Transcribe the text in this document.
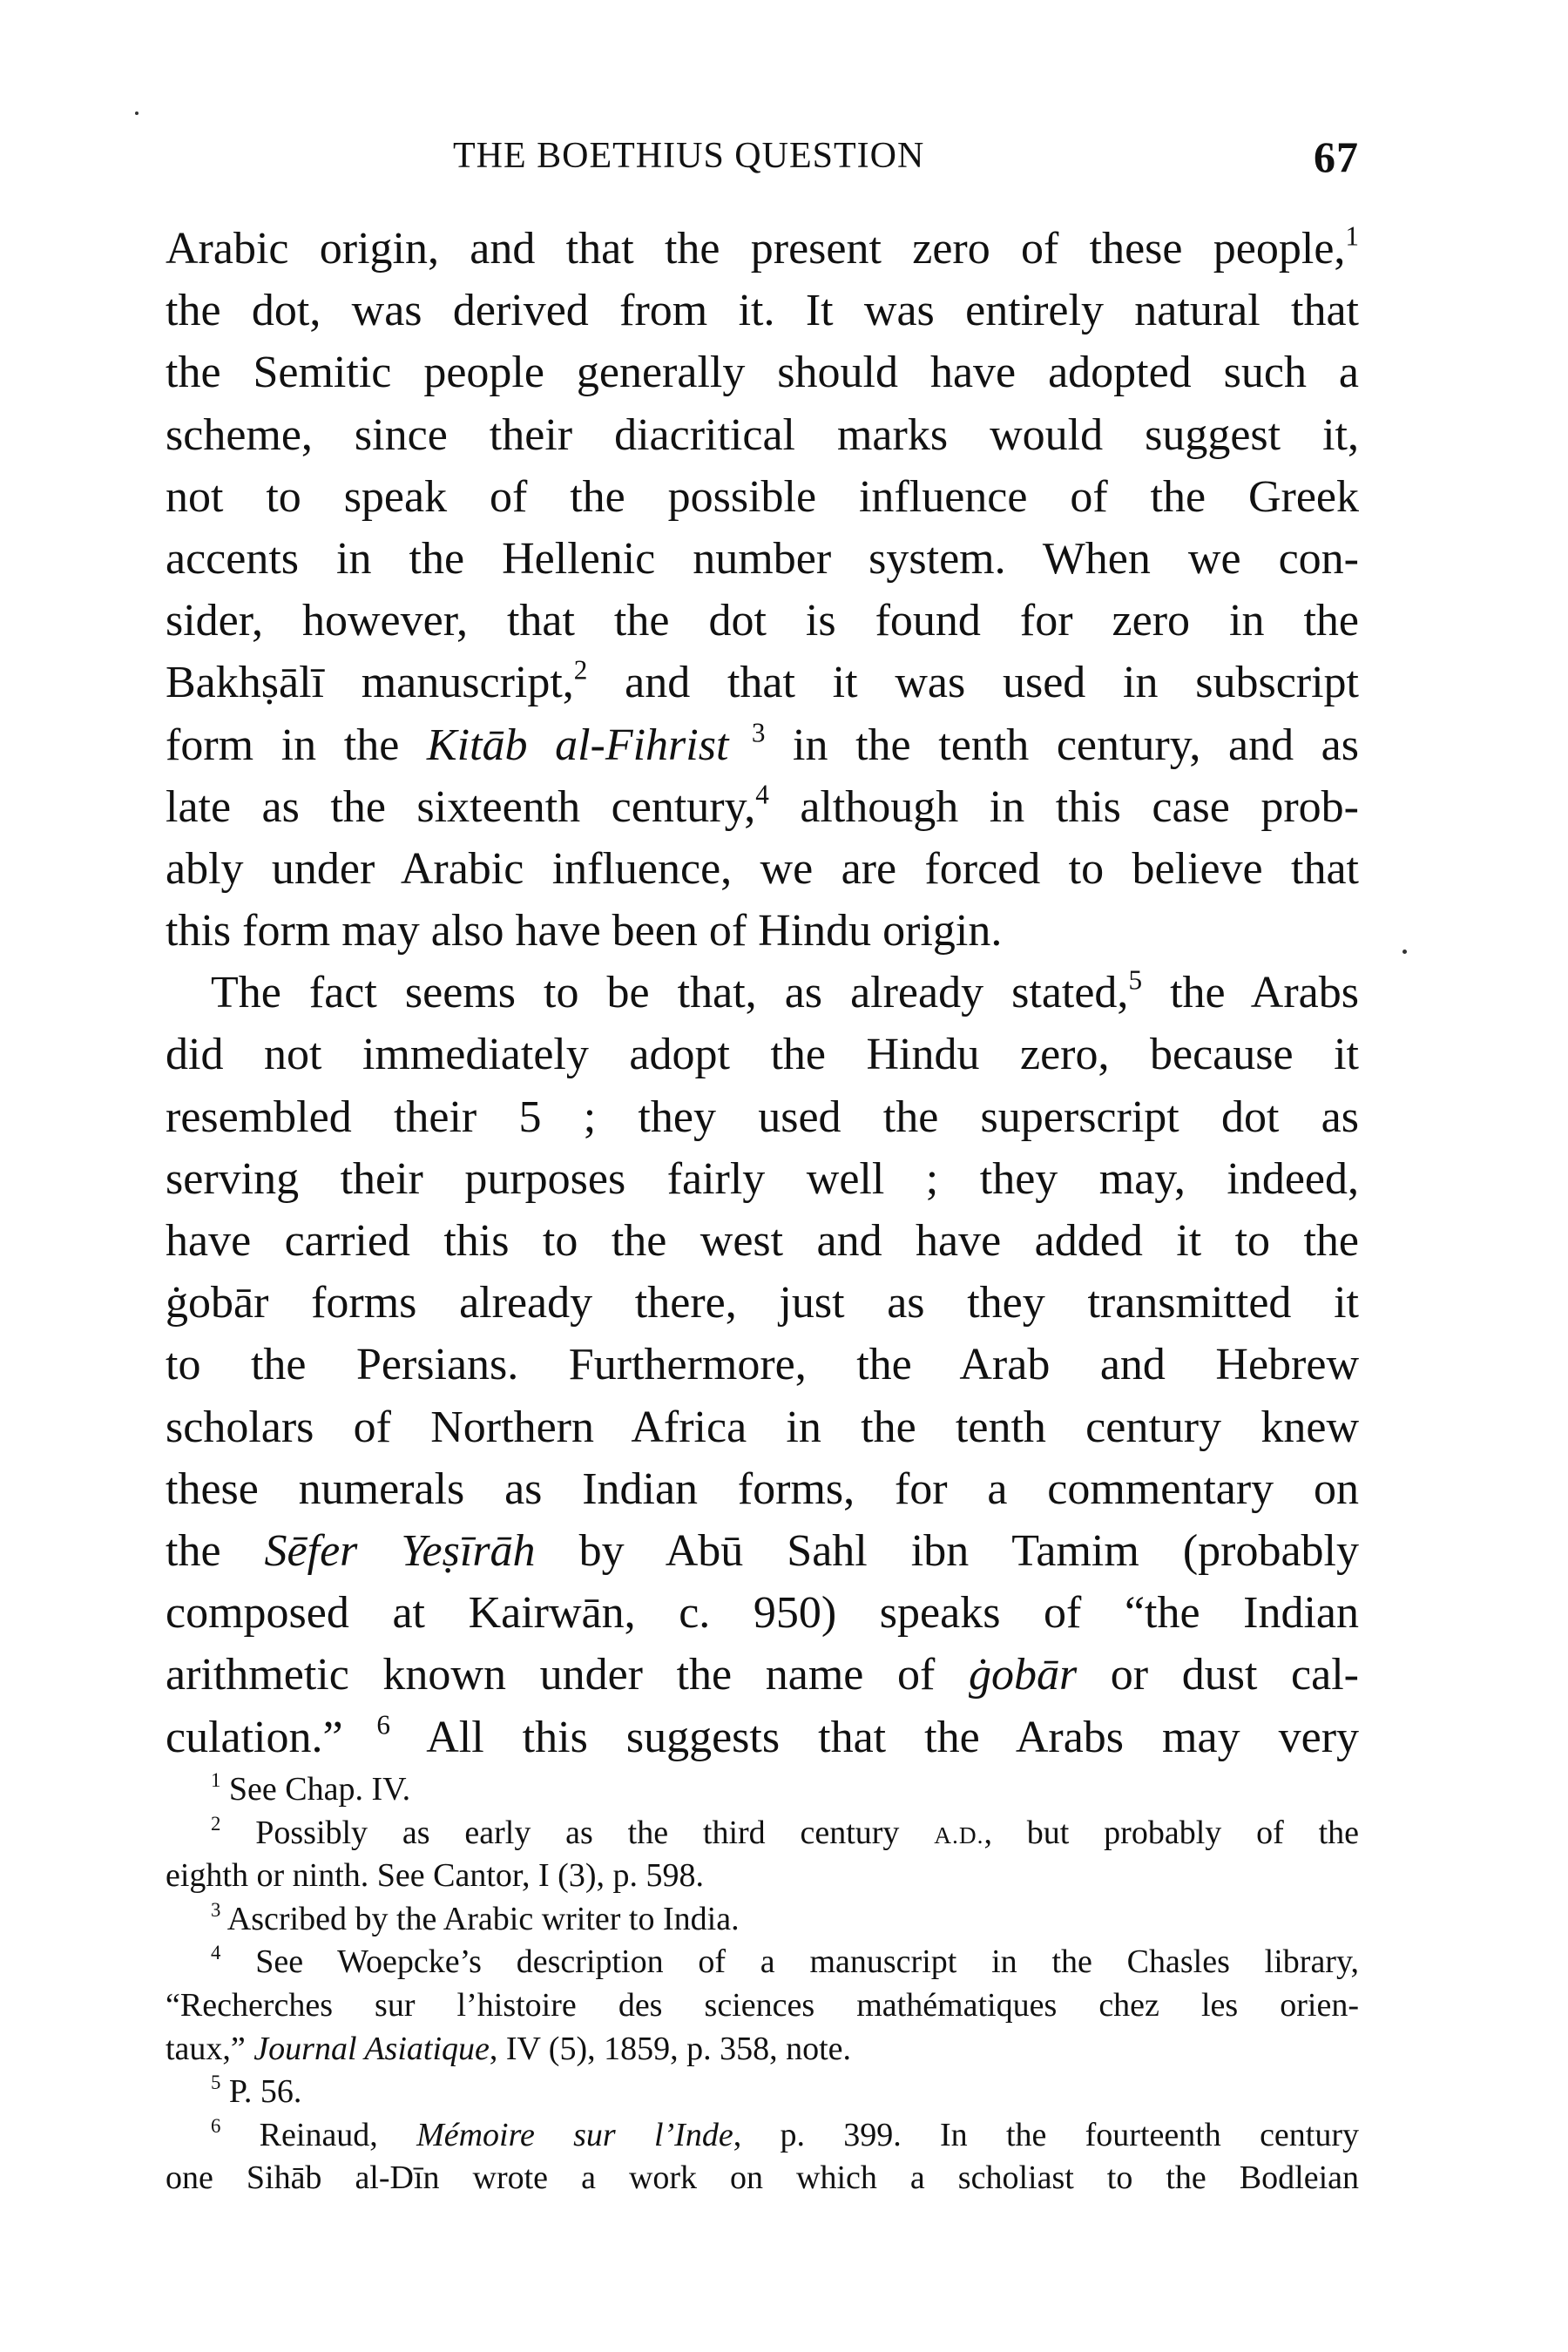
THE BOETHIUS QUESTION	67
Arabic origin, and that the present zero of these people,$^1$
the dot, was derived from it. It was entirely natural that
the Semitic people generally should have adopted such a
scheme, since their diacritical marks would suggest it,
not to speak of the possible influence of the Greek
accents in the Hellenic number system. When we con-
sider, however, that the dot is found for zero in the
Bakhṣālī manuscript,$^2$ and that it was used in subscript
form in the Kitāb al-Fihrist $^3$ in the tenth century, and as
late as the sixteenth century,$^4$ although in this case prob-
ably under Arabic influence, we are forced to believe that
this form may also have been of Hindu origin.
The fact seems to be that, as already stated,$^5$ the Arabs
did not immediately adopt the Hindu zero, because it
resembled their 5 ; they used the superscript dot as
serving their purposes fairly well ; they may, indeed,
have carried this to the west and have added it to the
ġobār forms already there, just as they transmitted it
to the Persians. Furthermore, the Arab and Hebrew
scholars of Northern Africa in the tenth century knew
these numerals as Indian forms, for a commentary on
the Sēfer Yeṣīrāh by Abū Sahl ibn Tamim (probably
composed at Kairwān, c. 950) speaks of “the Indian
arithmetic known under the name of ġobār or dust cal-
culation.” $^6$ All this suggests that the Arabs may very
$^1$ See Chap. IV.
$^2$ Possibly as early as the third century A.D., but probably of the
eighth or ninth. See Cantor, I (3), p. 598.
$^3$ Ascribed by the Arabic writer to India.
$^4$ See Woepcke’s description of a manuscript in the Chasles library,
“Recherches sur l’histoire des sciences mathématiques chez les orien-
taux,” Journal Asiatique, IV (5), 1859, p. 358, note.
$^5$ P. 56.
$^6$ Reinaud, Mémoire sur l’Inde, p. 399. In the fourteenth century
one Sihāb al-Dīn wrote a work on which a scholiast to the Bodleian
